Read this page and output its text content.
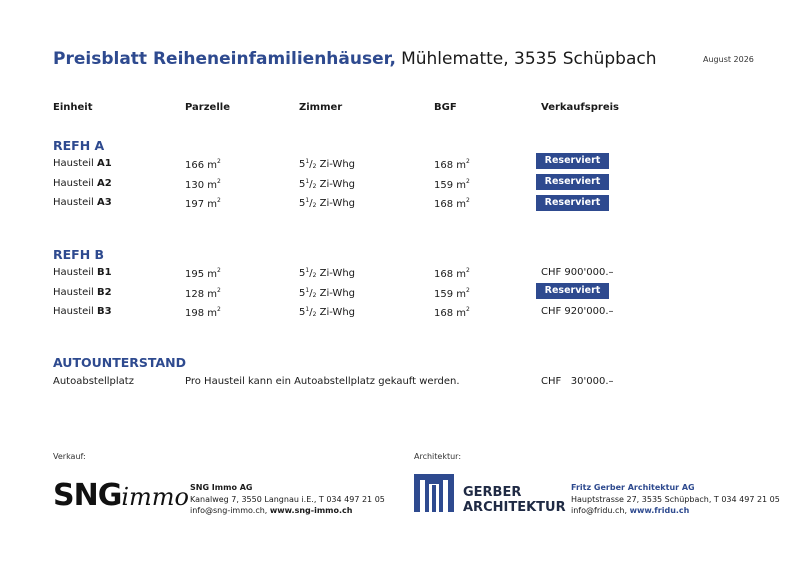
Preisblatt Reiheneinfamilienhäuser, Mühlematte, 3535 Schüpbach	August 2026
Einheit	Parzelle	Zimmer	BGF	Verkaufspreis
REFH A
Hausteil A1	166 $m^2$	$5^1/2$ Zi-Whg	168 $m^2$	Reserviert
Hausteil A2	130 $m^2$	$5^1/2$ Zi-Whg	159 $m^2$	Reserviert
Hausteil A3	197 $m^2$	$5^1/2$ Zi-Whg	168 $m^2$	Reserviert
REFH B
Hausteil B1	195 $m^2$	$5^1/2$ Zi-Whg	168 $m^2$	CHF 900'000.–
Hausteil B2	128 $m^2$	$5^1/2$ Zi-Whg	159 $m^2$	Reserviert
Hausteil B3	198 $m^2$	$5^1/2$ Zi-Whg	168 $m^2$	CHF 920'000.–
AUTOUNTERSTAND
Autoabstellplatz	Pro Hausteil kann ein Autoabstellplatz gekauft werden.	CHF   30'000.–
Verkauf:
SNGimmo SNG Immo AG
Kanalweg 7, 3550 Langnau i.E., T 034 497 21 05
info@sng-immo.ch, www.sng-immo.ch
Architektur:
GERBER
ARCHITEKTUR
Fritz Gerber Architektur AG
Hauptstrasse 27, 3535 Schüpbach, T 034 497 21 05
info@fridu.ch, www.fridu.ch
